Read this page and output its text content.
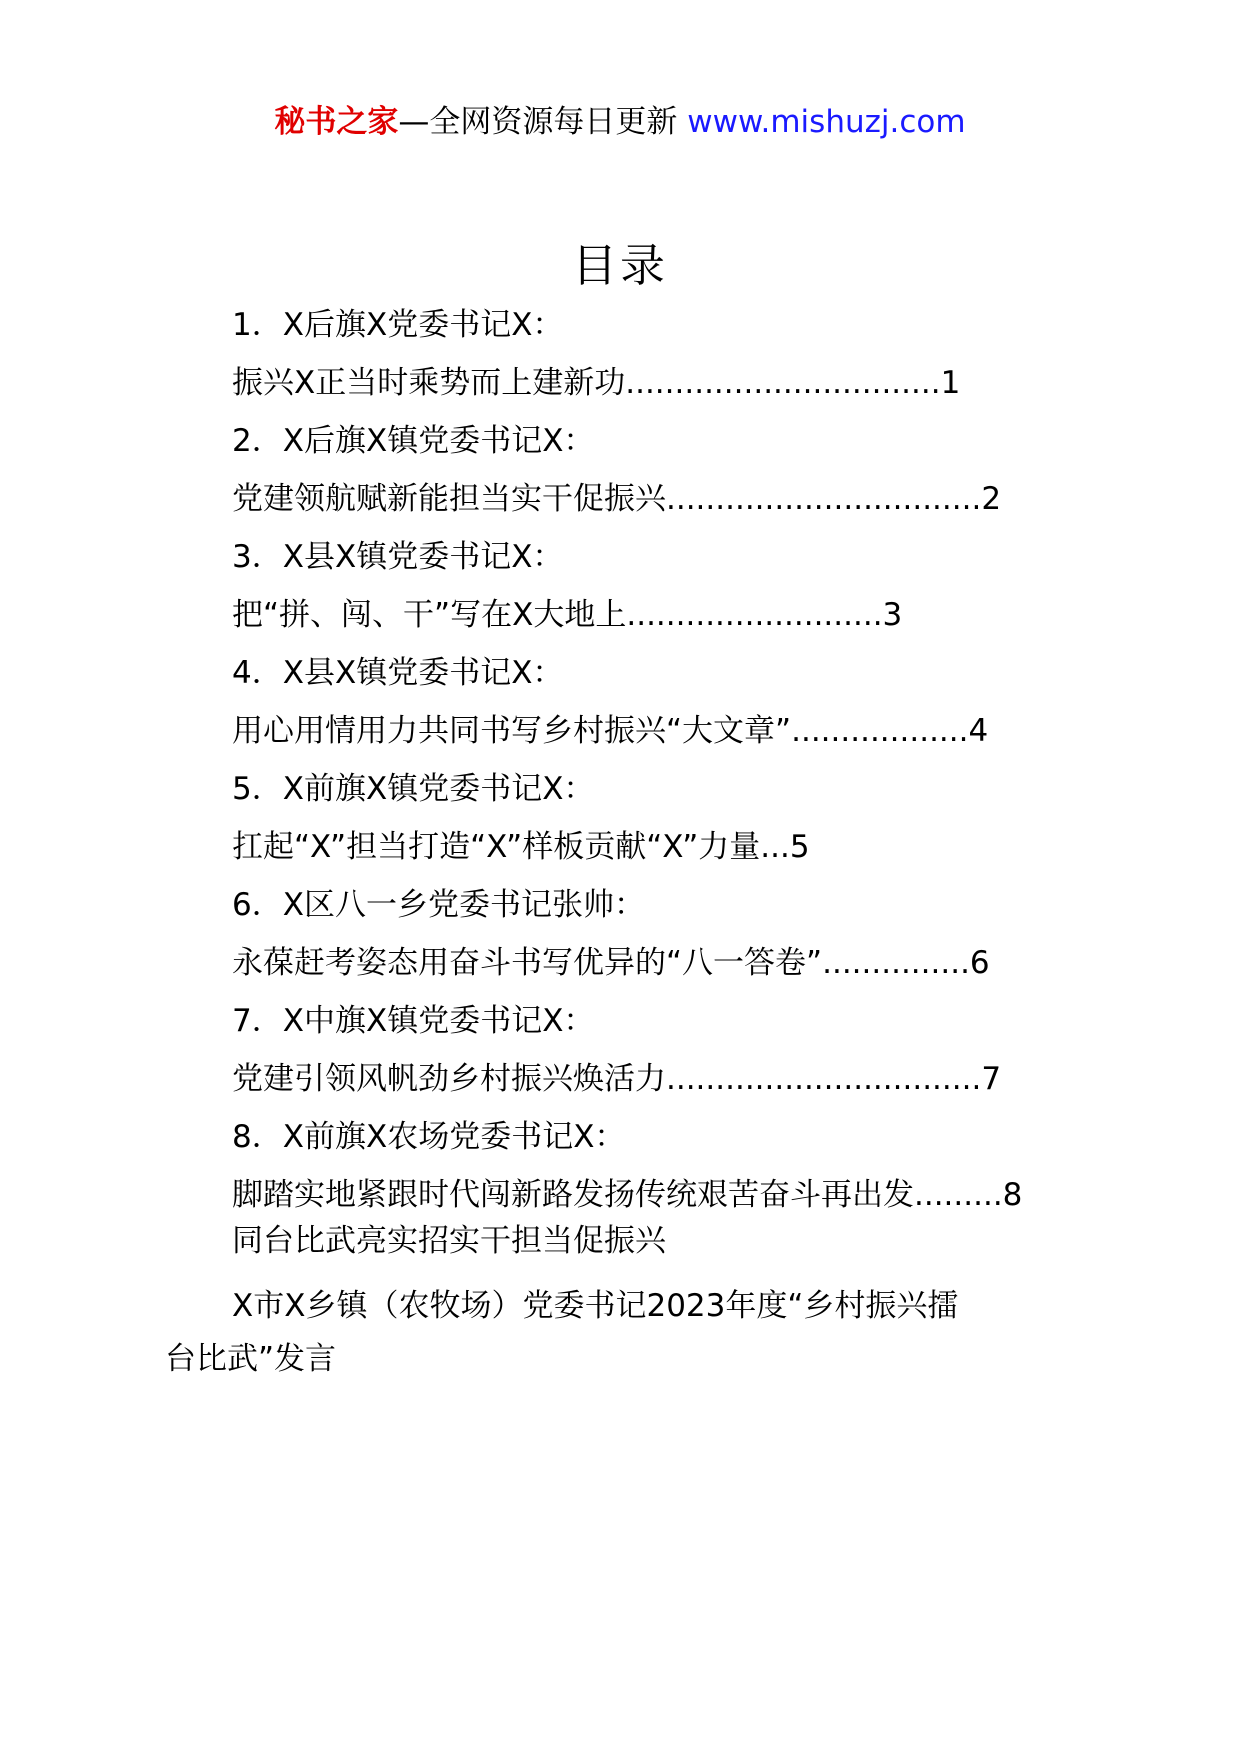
秘书之家—全网资源每日更新 www.mishuzj.com
目录
1．X后旗X党委书记X：
振兴X正当时乘势而上建新功................................1
2．X后旗X镇党委书记X：
党建领航赋新能担当实干促振兴................................2
3．X县X镇党委书记X：
把“拼、闯、干”写在X大地上..........................3
4．X县X镇党委书记X：
用心用情用力共同书写乡村振兴“大文章”..................4
5．X前旗X镇党委书记X：
扛起“X”担当打造“X”样板贡献“X”力量...5
6．X区八一乡党委书记张帅：
永葆赶考姿态用奋斗书写优异的“八一答卷”...............6
7．X中旗X镇党委书记X：
党建引领风帆劲乡村振兴焕活力................................7
8．X前旗X农场党委书记X：
脚踏实地紧跟时代闯新路发扬传统艰苦奋斗再出发.........8
同台比武亮实招实干担当促振兴
X市X乡镇（农牧场）党委书记2023年度“乡村振兴擂
台比武”发言
